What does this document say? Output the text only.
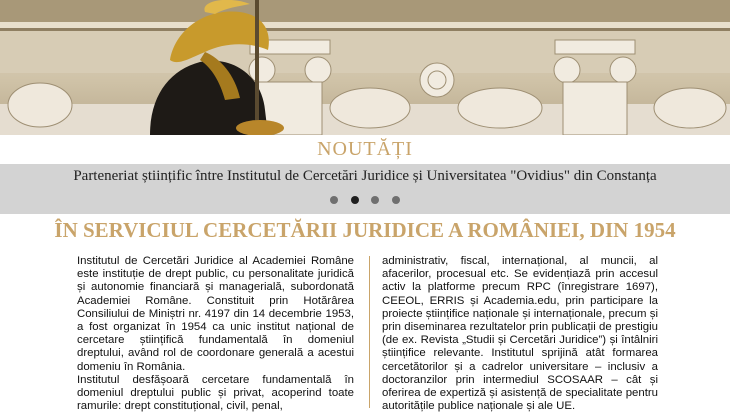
NOUTĂȚI
Parteneriat științific între Institutul de Cercetări Juridice și Universitatea "Ovidius" din Constanța

ÎN SERVICIUL CERCETĂRII JURIDICE A ROMÂNIEI, DIN 1954

Institutul de Cercetări Juridice al Academiei Române este instituție de drept public, cu personalitate juridică și autonomie financiară și managerială, subordonată Academiei Române. Constituit prin Hotărârea Consiliului de Miniștri nr. 4197 din 14 decembrie 1953, a fost organizat în 1954 ca unic institut național de cercetare științifică fundamentală în domeniul dreptului, având rol de coordonare generală a acestui domeniu în România.

Institutul desfășoară cercetare fundamentală în domeniul dreptului public și privat, acoperind toate ramurile: drept constituțional, civil, penal,

administrativ, fiscal, internațional, al muncii, al afacerilor, procesual etc. Se evidențiază prin accesul activ la platforme precum RPC (înregistrare 1697), CEEOL, ERRIS și Academia.edu, prin participare la proiecte științifice naționale și internaționale, precum și prin diseminarea rezultatelor prin publicații de prestigiu (de ex. Revista „Studii și Cercetări Juridice”) și întâlniri științifice relevante. Institutul sprijină atât formarea cercetătorilor și a cadrelor universitare – inclusiv a doctoranzilor prin intermediul SCOSAAR – cât și oferirea de expertiză și asistență de specialitate pentru autoritățile publice naționale și ale UE.
